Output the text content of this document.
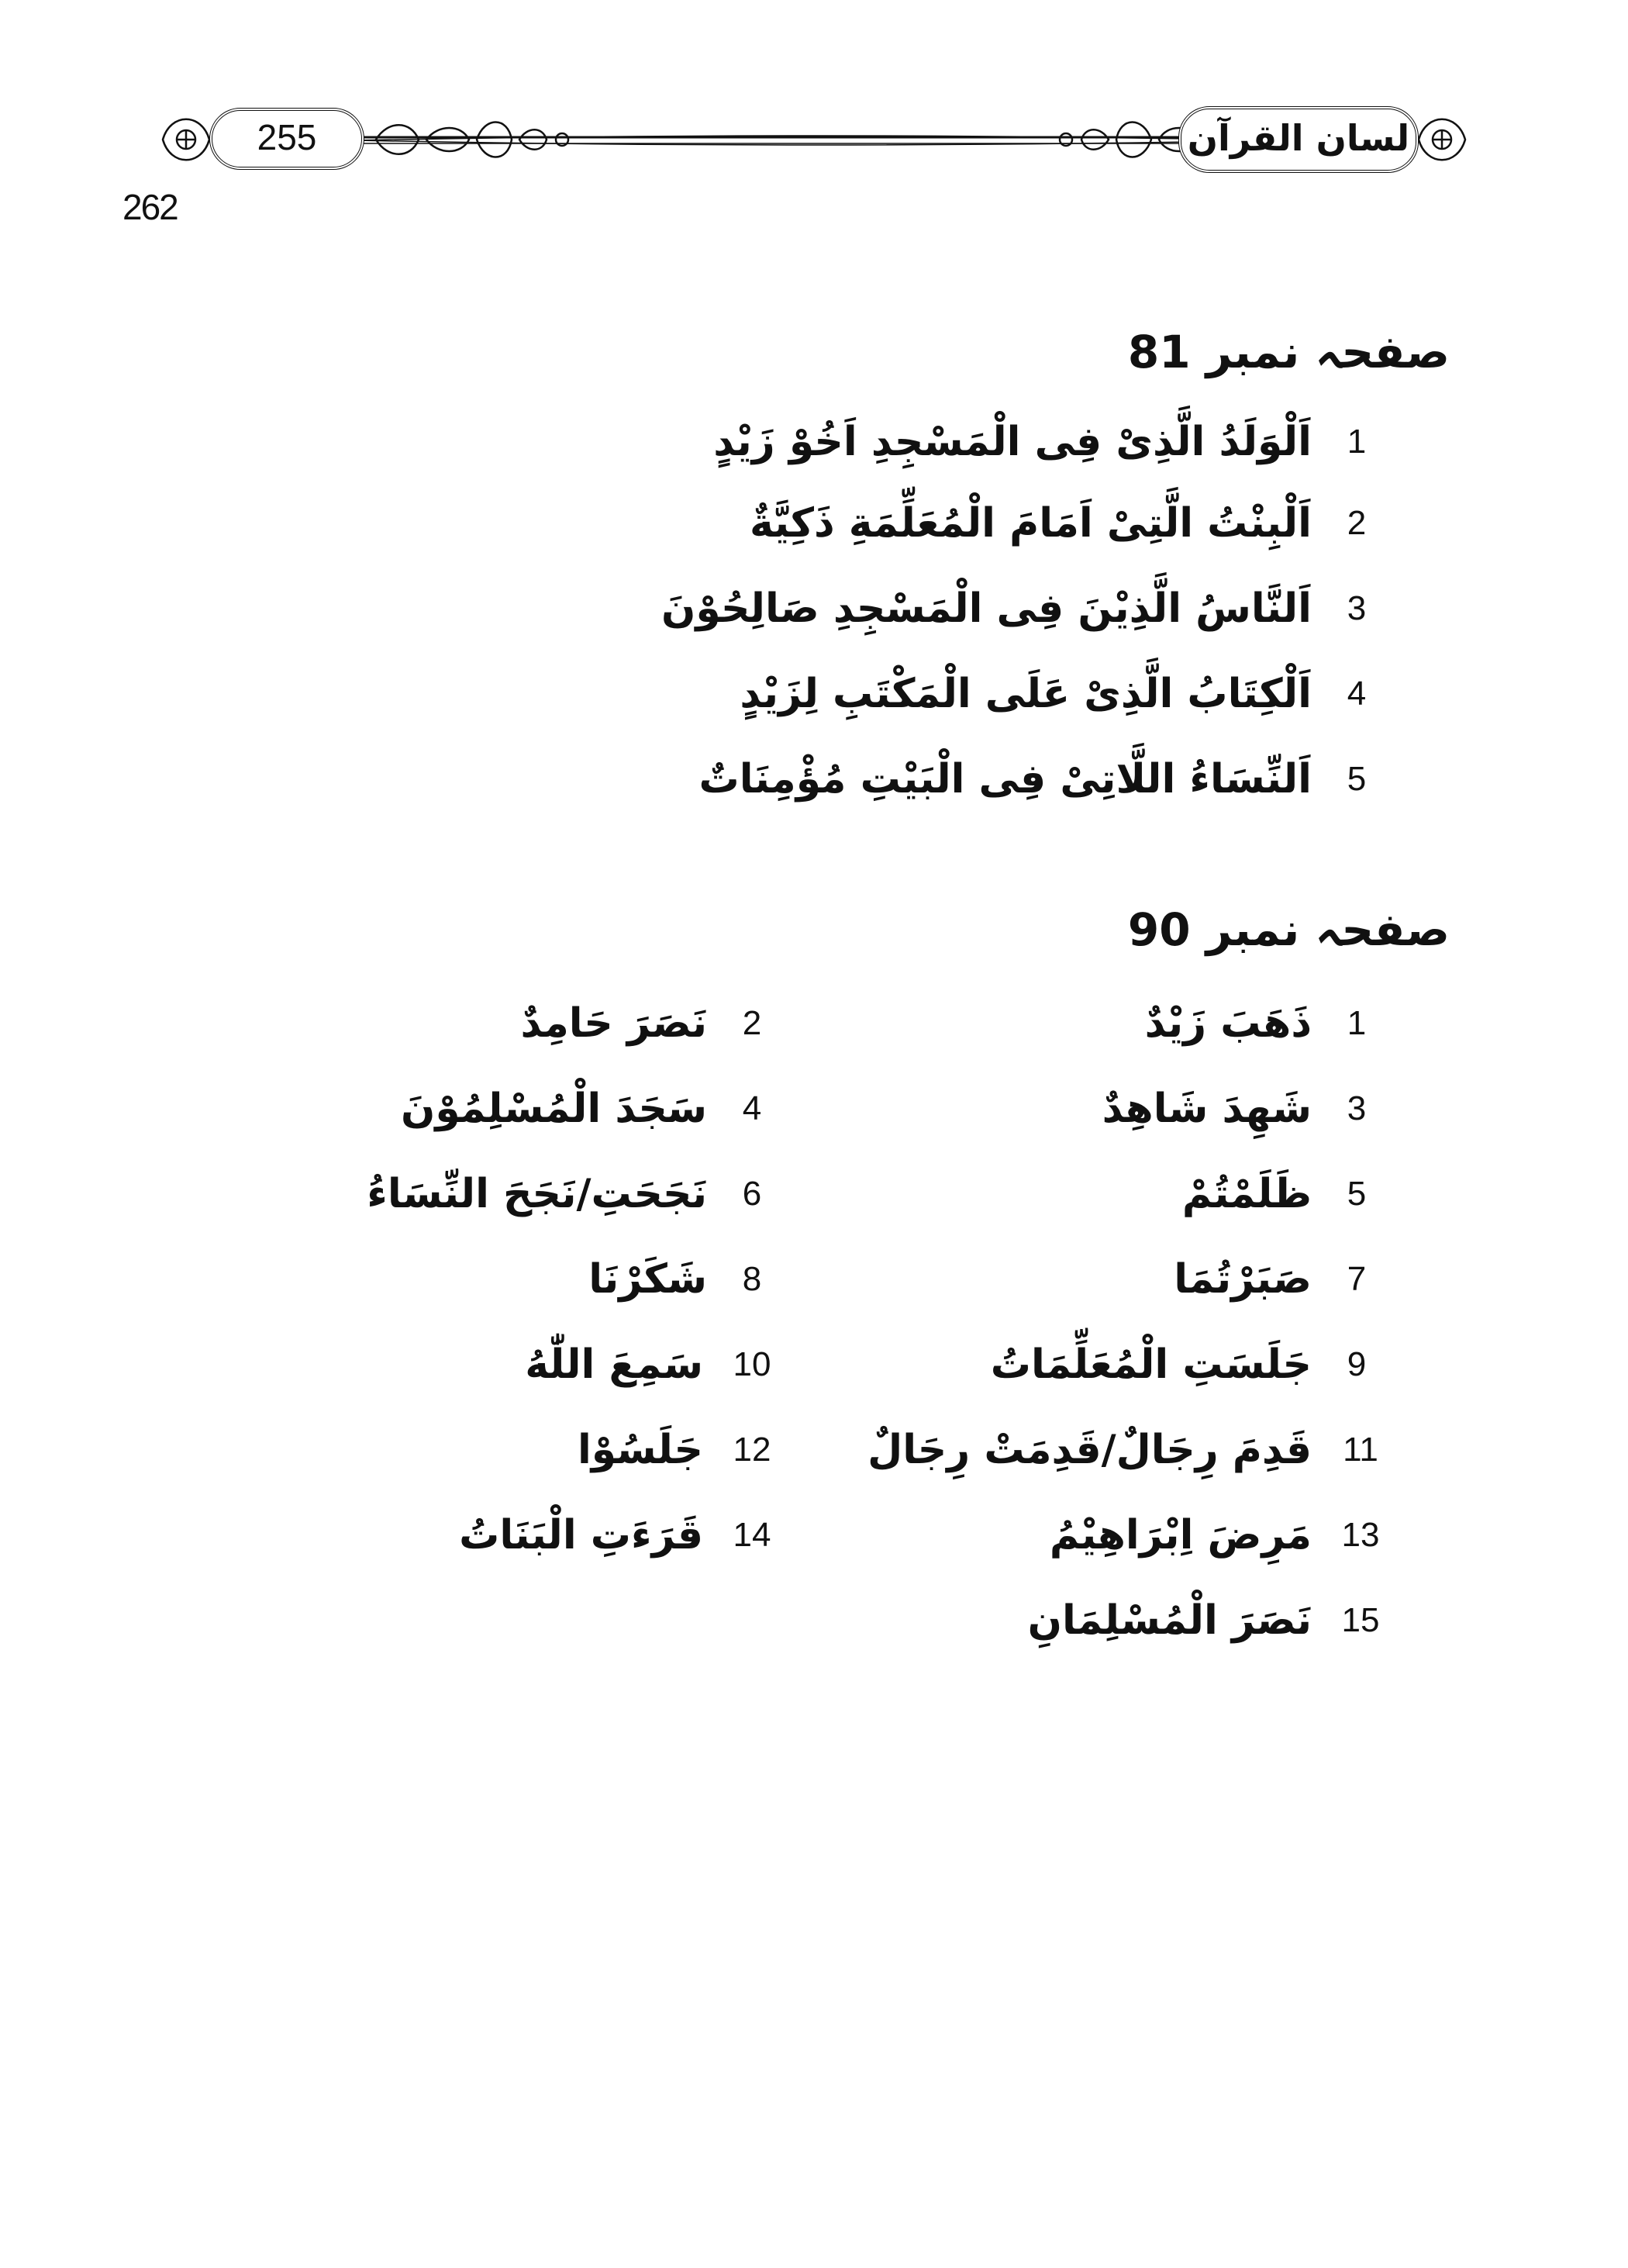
255	لسان القرآن
262
صفحہ نمبر 81
1
اَلْوَلَدُ الَّذِیْ فِی الْمَسْجِدِ اَخُوْ زَیْدٍ
2
اَلْبِنْتُ الَّتِیْ اَمَامَ الْمُعَلِّمَةِ ذَکِیَّةٌ
3
اَلنَّاسُ الَّذِیْنَ فِی الْمَسْجِدِ صَالِحُوْنَ
4
اَلْکِتَابُ الَّذِیْ عَلَی الْمَکْتَبِ لِزَیْدٍ
5
اَلنِّسَاءُ اللَّاتِیْ فِی الْبَیْتِ مُؤْمِنَاتٌ
صفحہ نمبر 90
1
ذَهَبَ زَیْدٌ
3
شَهِدَ شَاهِدٌ
5
ظَلَمْتُمْ
7
صَبَرْتُمَا
9
جَلَسَتِ الْمُعَلِّمَاتُ
11
قَدِمَ رِجَالٌ/قَدِمَتْ رِجَالٌ
13
مَرِضَ اِبْرَاهِیْمُ
15
نَصَرَ الْمُسْلِمَانِ
2
نَصَرَ حَامِدٌ
4
سَجَدَ الْمُسْلِمُوْنَ
6
نَجَحَتِ/نَجَحَ النِّسَاءُ
8
شَکَرْنَا
10
سَمِعَ اللّٰهُ
12
جَلَسُوْا
14
قَرَءَتِ الْبَنَاتُ
